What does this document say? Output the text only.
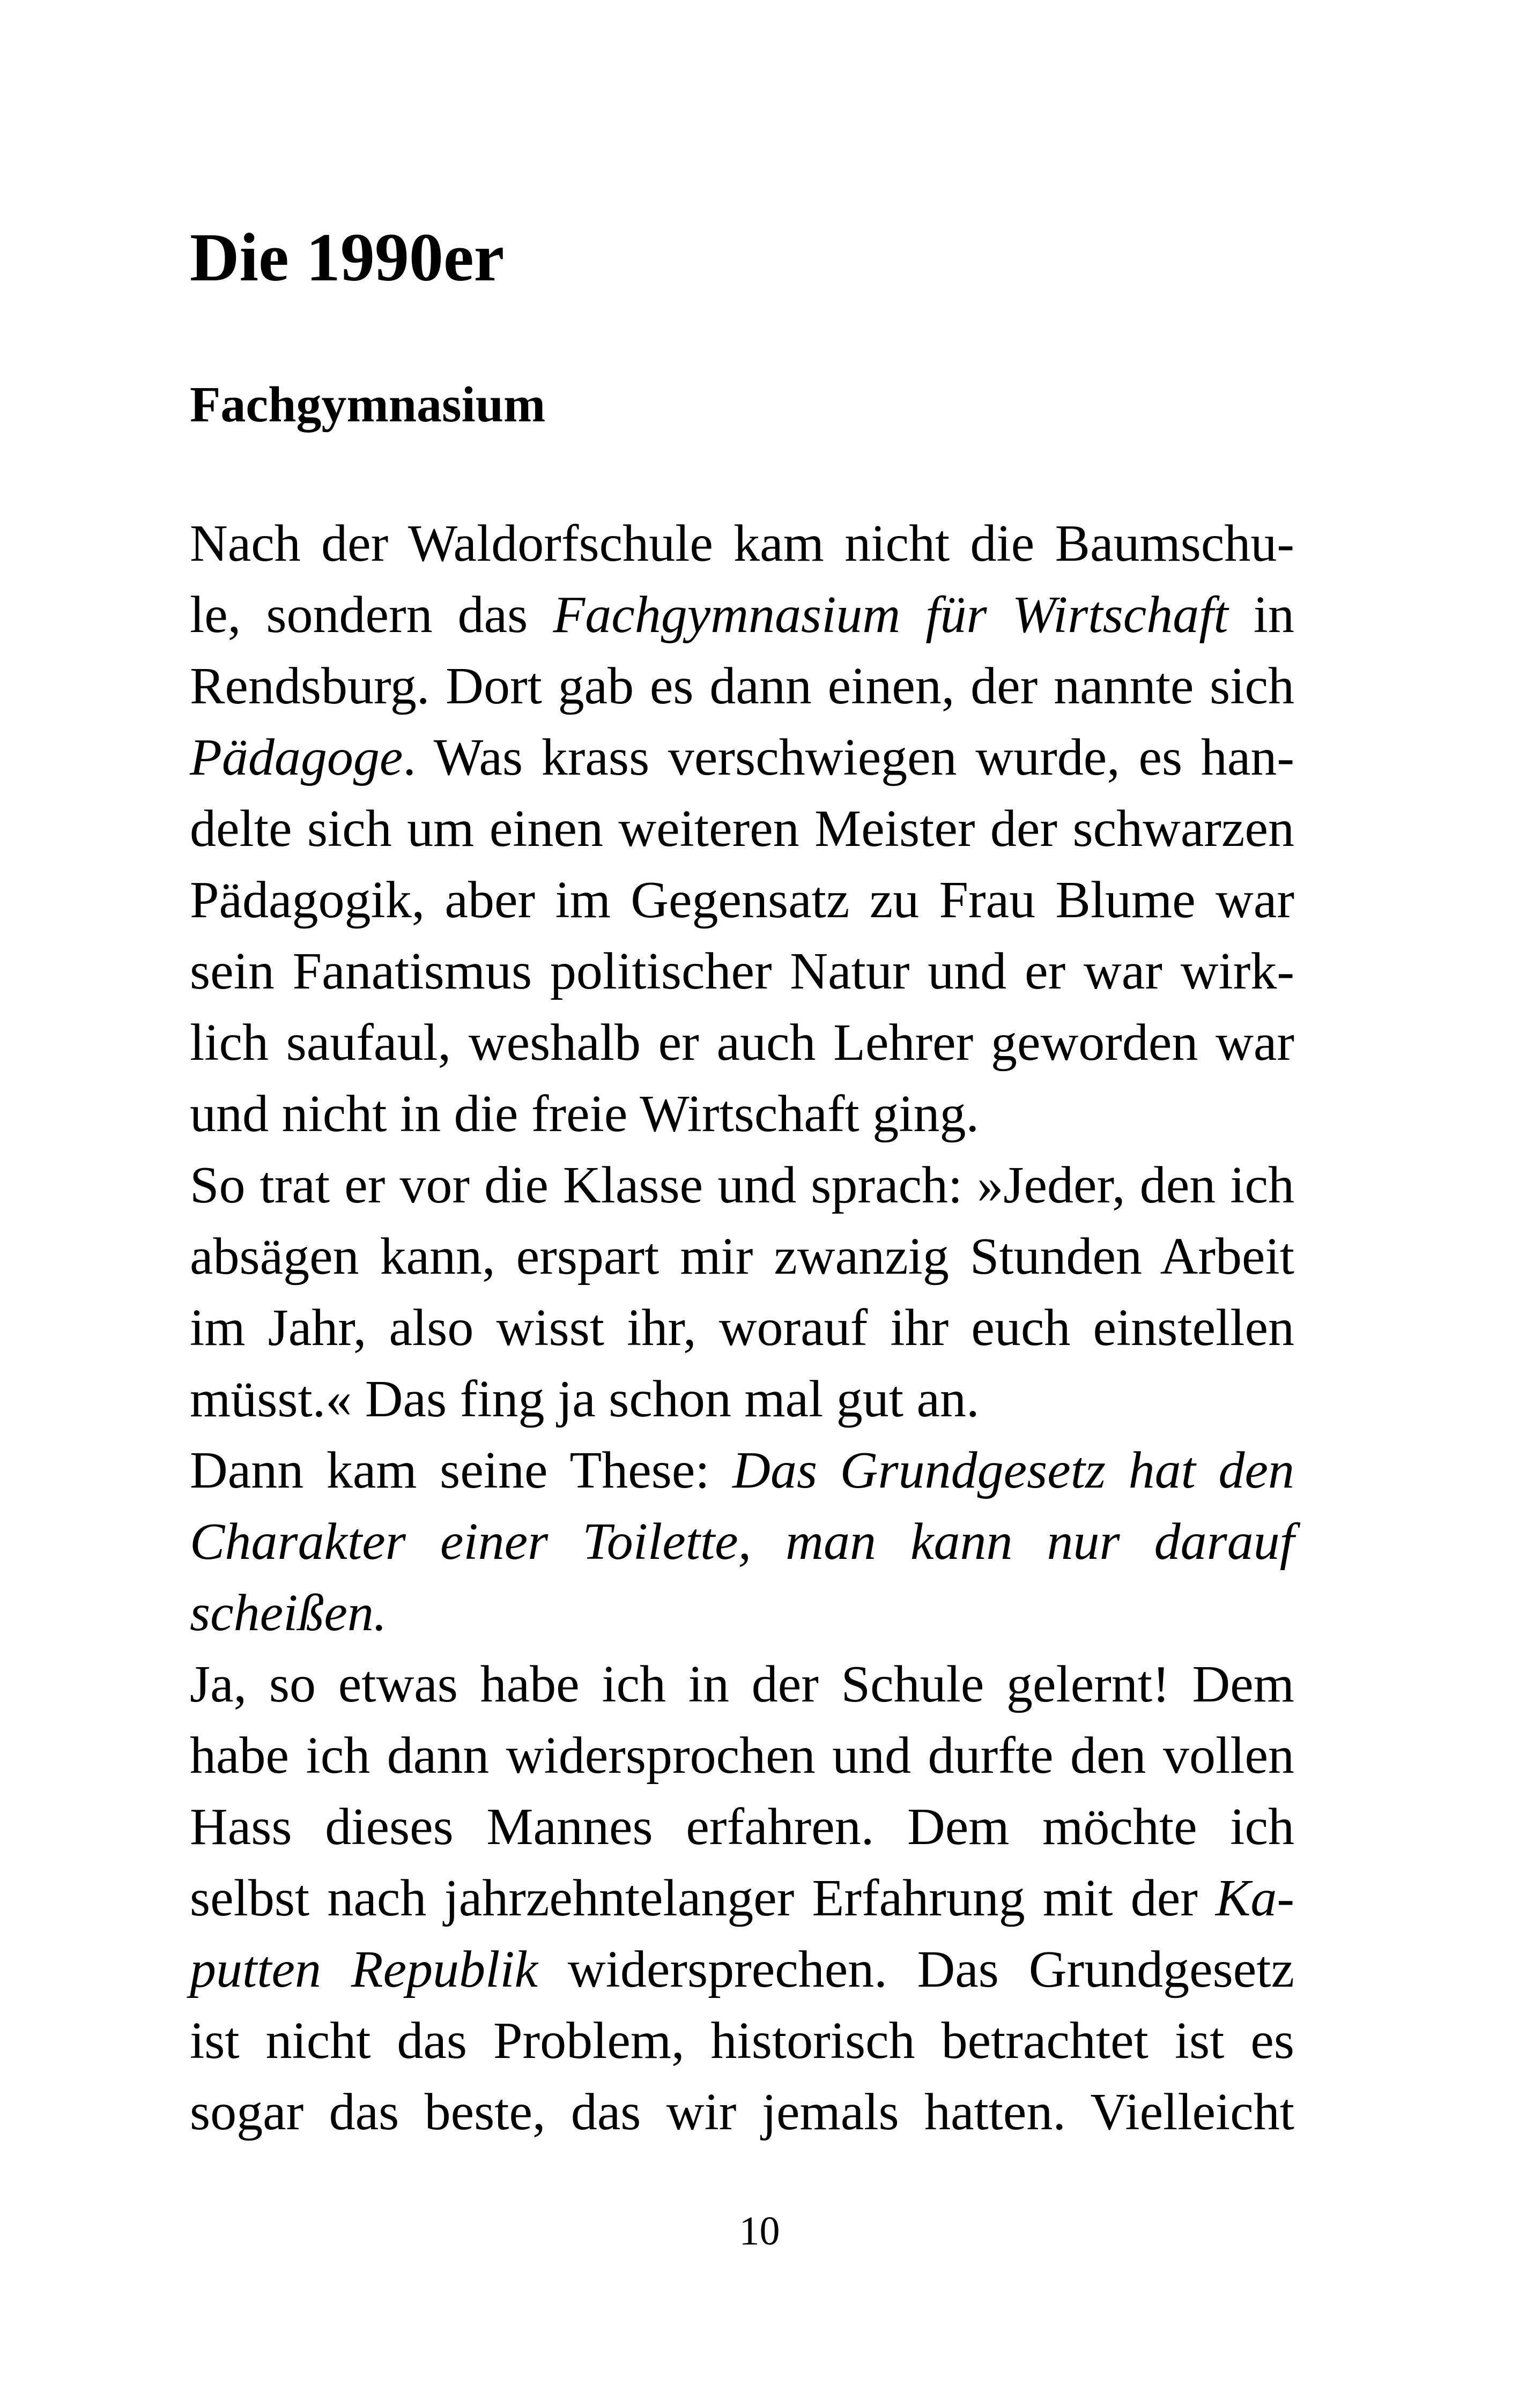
Die 1990er
Fachgymnasium
Nach der Waldorfschule kam nicht die Baumschu-
le, sondern das Fachgymnasium für Wirtschaft in
Rendsburg. Dort gab es dann einen, der nannte sich
Pädagoge. Was krass verschwiegen wurde, es han-
delte sich um einen weiteren Meister der schwarzen
Pädagogik, aber im Gegensatz zu Frau Blume war
sein Fanatismus politischer Natur und er war wirk-
lich saufaul, weshalb er auch Lehrer geworden war
und nicht in die freie Wirtschaft ging.
So trat er vor die Klasse und sprach: »Jeder, den ich
absägen kann, erspart mir zwanzig Stunden Arbeit
im Jahr, also wisst ihr, worauf ihr euch einstellen
müsst.« Das fing ja schon mal gut an.
Dann kam seine These: Das Grundgesetz hat den
Charakter einer Toilette, man kann nur darauf
scheißen.
Ja, so etwas habe ich in der Schule gelernt! Dem
habe ich dann widersprochen und durfte den vollen
Hass dieses Mannes erfahren. Dem möchte ich
selbst nach jahrzehntelanger Erfahrung mit der Ka-
putten Republik widersprechen. Das Grundgesetz
ist nicht das Problem, historisch betrachtet ist es
sogar das beste, das wir jemals hatten. Vielleicht
10
